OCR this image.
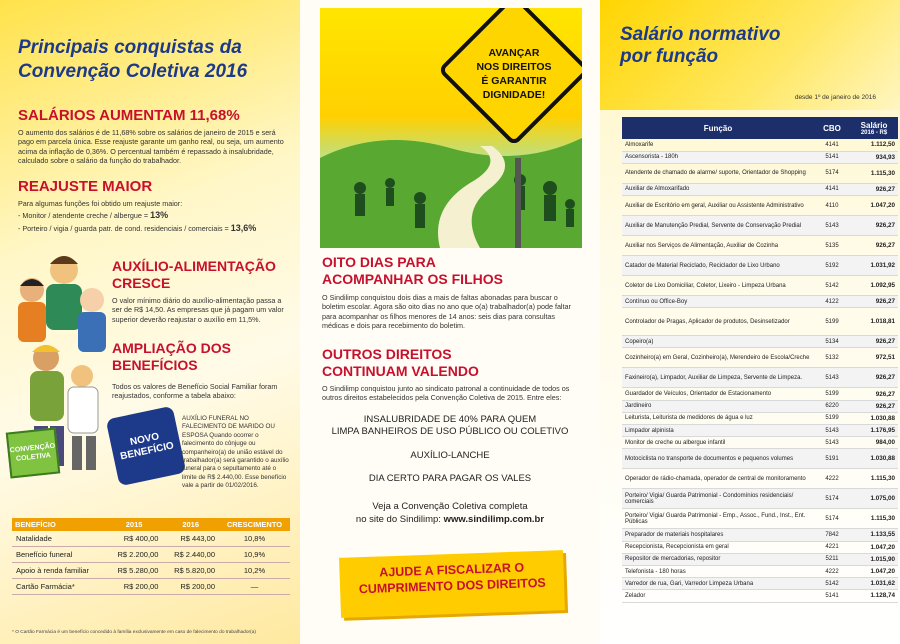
Principais conquistas da
Convenção Coletiva 2016
SALÁRIOS AUMENTAM 11,68%
O aumento dos salários é de 11,68% sobre os salários de janeiro de 2015 e será pago em parcela única. Esse reajuste garante um ganho real, ou seja, um aumento acima da inflação de 0,36%. O percentual também é repassado à insalubridade, calculado sobre o salário da função do trabalhador.
REAJUSTE MAIOR
Para algumas funções foi obtido um reajuste maior:
- Monitor / atendente creche / albergue = 13%
- Porteiro / vigia / guarda patr. de cond. residenciais / comerciais = 13,6%
CONVENÇÃO COLETIVA
AUXÍLIO-ALIMENTAÇÃO
CRESCE
O valor mínimo diário do auxílio-alimentação passa a ser de R$ 14,50. As empresas que já pagam um valor superior deverão reajustar o auxílio em 11,5%.
AMPLIAÇÃO DOS
BENEFÍCIOS
Todos os valores de Benefício Social Familiar foram reajustados, conforme a tabela abaixo:
NOVO BENEFÍCIO
AUXÍLIO FUNERAL NO FALECIMENTO DE MARIDO OU ESPOSA Quando ocorrer o falecimento do cônjuge ou companheiro(a) de união estável do trabalhador(a) será garantido o auxílio funeral para o sepultamento até o limite de R$ 2.440,00. Esse benefício vale a partir de 01/02/2016.
BENEFÍCIO	2015	2016	CRESCIMENTO
Natalidade	R$ 400,00	R$ 443,00	10,8%
Benefício funeral	R$ 2.200,00	R$ 2.440,00	10,9%
Apoio à renda familiar	R$ 5.280,00	R$ 5.820,00	10,2%
Cartão Farmácia*	R$ 200,00	R$ 200,00	—
* O Cartão Farmácia é um benefício concedido à família exclusivamente em caso de falecimento do trabalhador(a)
AVANÇAR
NOS DIREITOS
É GARANTIR
DIGNIDADE!
OITO DIAS PARA
ACOMPANHAR OS FILHOS
O Sindilimp conquistou dois dias a mais de faltas abonadas para buscar o boletim escolar. Agora são oito dias no ano que o(a) trabalhador(a) pode faltar para acompanhar os filhos menores de 14 anos: seis dias para consultas médicas e dois para recebimento do boletim.
OUTROS DIREITOS
CONTINUAM VALENDO
O Sindilimp conquistou junto ao sindicato patronal a continuidade de todos os outros direitos estabelecidos pela Convenção Coletiva de 2015. Entre eles:
INSALUBRIDADE DE 40% PARA QUEM
LIMPA BANHEIROS DE USO PÚBLICO OU COLETIVO
AUXÍLIO-LANCHE
DIA CERTO PARA PAGAR OS VALES
Veja a Convenção Coletiva completa
no site do Sindilimp: www.sindilimp.com.br
AJUDE A FISCALIZAR O
CUMPRIMENTO DOS DIREITOS
Salário normativo
por função
desde 1º de janeiro de 2016
Função	CBO	Salário
2016 - R$

Almoxarife	4141	1.112,50
Ascensorista - 180h	5141	934,93
Atendente de chamado de alarme/ suporte, Orientador de Shopping	5174	1.115,30
Auxiliar de Almoxarifado	4141	926,27
Auxiliar de Escritório em geral, Auxiliar ou Assistente Administrativo	4110	1.047,20
Auxiliar de Manutenção Predial, Servente de Conservação Predial	5143	926,27
Auxiliar nos Serviços de Alimentação, Auxiliar de Cozinha	5135	926,27
Catador de Material Reciclado, Reciclador de Lixo Urbano	5192	1.031,92
Coletor de Lixo Domiciliar, Coletor, Lixeiro - Limpeza Urbana	5142	1.092,95
Contínuo ou Office-Boy	4122	926,27
Controlador de Pragas, Aplicador de produtos, Desinsetizador	5199	1.018,81
Copeiro(a)	5134	926,27
Cozinheiro(a) em Geral, Cozinheiro(a), Merendeiro de Escola/Creche	5132	972,51
Faxineiro(a), Limpador, Auxiliar de Limpeza, Servente de Limpeza.	5143	926,27
Guardador de Veículos, Orientador de Estacionamento	5199	926,27
Jardineiro	6220	926,27
Leiturista, Leiturista de medidores de água e luz	5199	1.030,88
Limpador alpinista	5143	1.176,95
Monitor de creche ou albergue infantil	5143	984,00
Motociclista no transporte de documentos e pequenos volumes	5191	1.030,88
Operador de rádio-chamada, operador de central de monitoramento	4222	1.115,30
Porteiro/ Vigia/ Guarda Patrimonial - Condomínios residenciais/ comerciais	5174	1.075,00
Porteiro/ Vigia/ Guarda Patrimonial - Emp., Assoc., Fund., Inst., Ent. Públicas	5174	1.115,30
Preparador de materiais hospitalares	7842	1.133,55
Recepcionista, Recepcionista em geral	4221	1.047,20
Repositor de mercadorias, repositor	5211	1.015,90
Telefonista - 180 horas	4222	1.047,20
Varredor de rua, Gari, Varredor Limpeza Urbana	5142	1.031,62
Zelador	5141	1.128,74
